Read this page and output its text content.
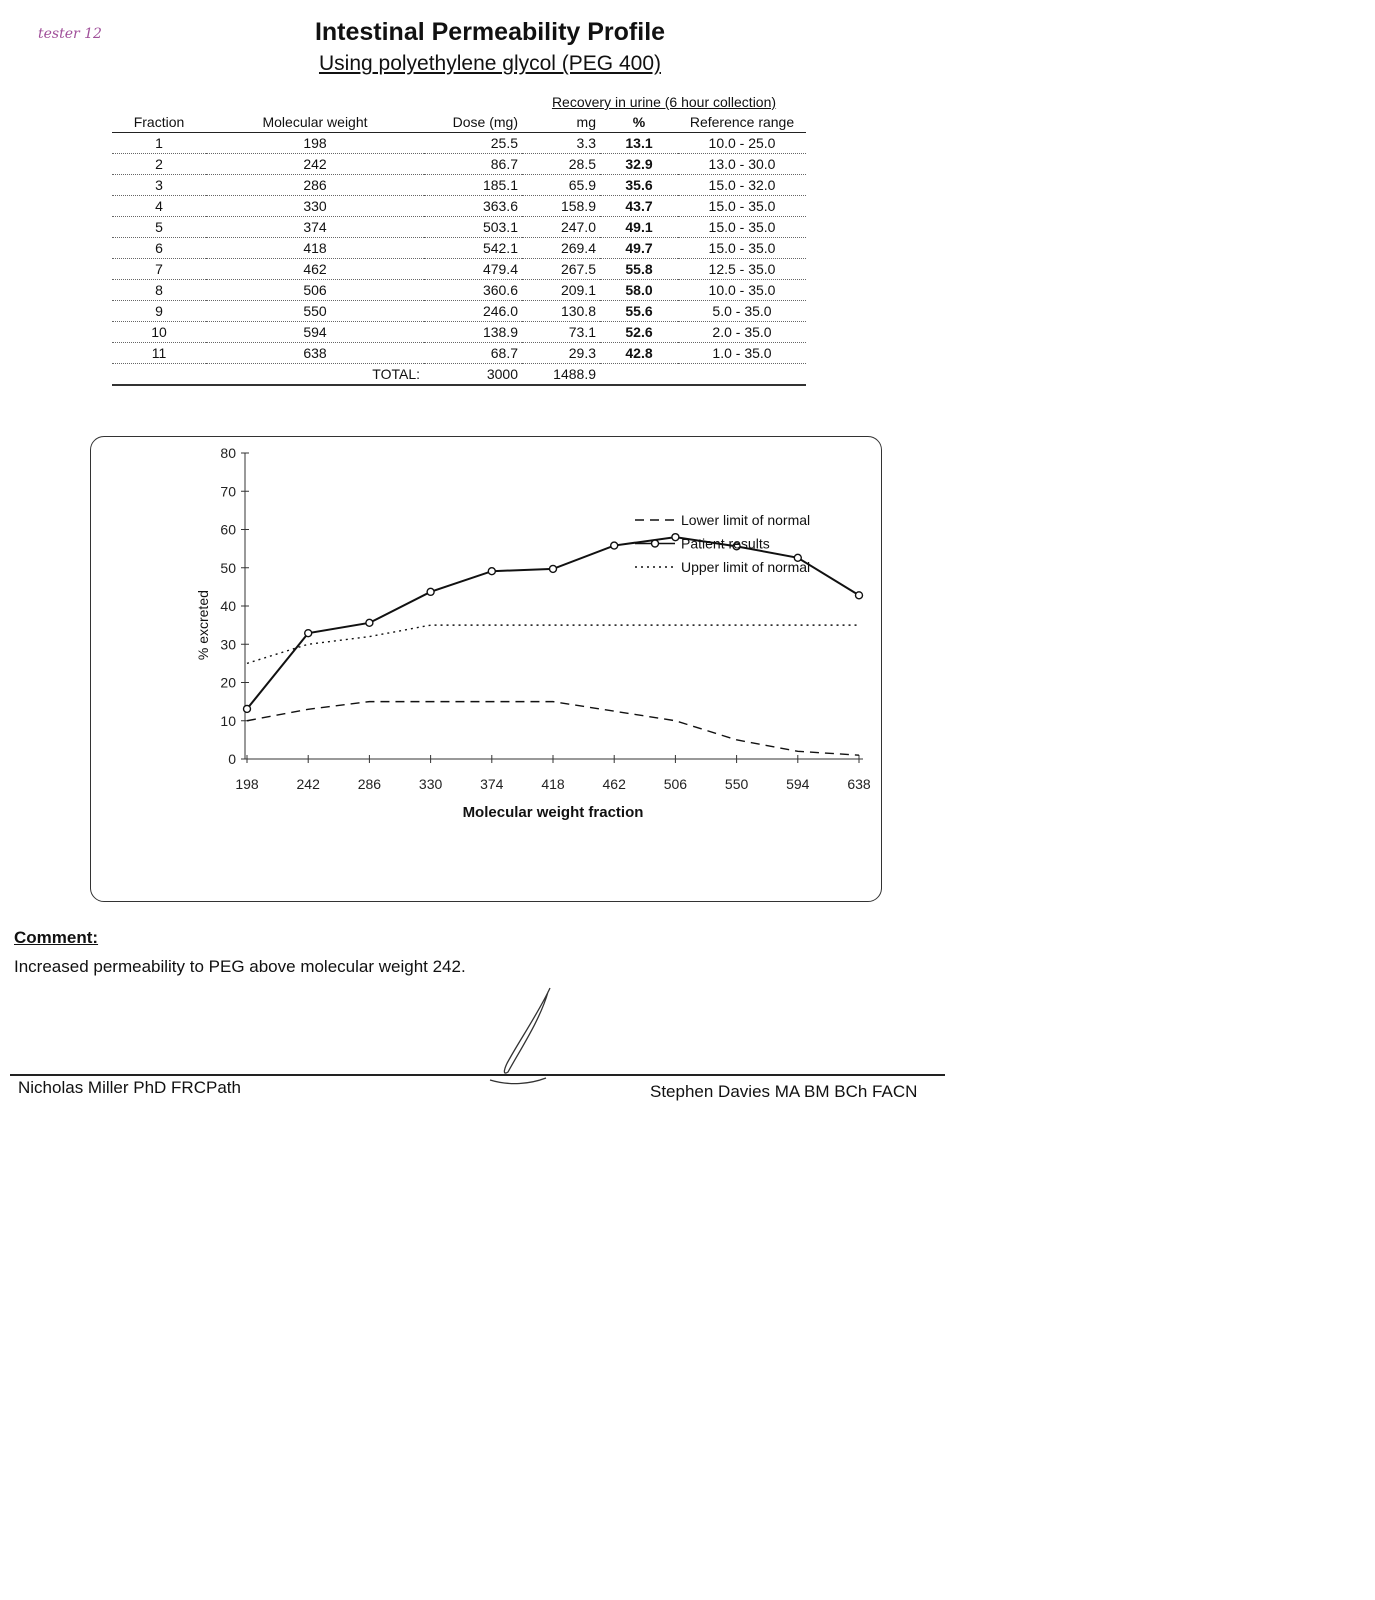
tester 12	Intestinal Permeability Profile
Using polyethylene glycol (PEG 400)
			Recovery in urine (6 hour collection)		
Fraction	Molecular weight	Dose (mg)	mg	%	Reference range
1	198	25.5	3.3	13.1	10.0 - 25.0
2	242	86.7	28.5	32.9	13.0 - 30.0
3	286	185.1	65.9	35.6	15.0 - 32.0
4	330	363.6	158.9	43.7	15.0 - 35.0
5	374	503.1	247.0	49.1	15.0 - 35.0
6	418	542.1	269.4	49.7	15.0 - 35.0
7	462	479.4	267.5	55.8	12.5 - 35.0
8	506	360.6	209.1	58.0	10.0 - 35.0
9	550	246.0	130.8	55.6	5.0 - 35.0
10	594	138.9	73.1	52.6	2.0 - 35.0
11	638	68.7	29.3	42.8	1.0 - 35.0
	TOTAL:	3000	1488.9		
0
10
20
30
40
50
60
70
80
198	242	286	330	374	418	462	506	550	594	638
Molecular weight fraction
% excreted
Lower limit of normal
Patient results
Upper limit of normal
Comment:
Increased permeability to PEG above molecular weight 242.
Nicholas Miller PhD FRCPath	Stephen Davies MA BM BCh FACN
